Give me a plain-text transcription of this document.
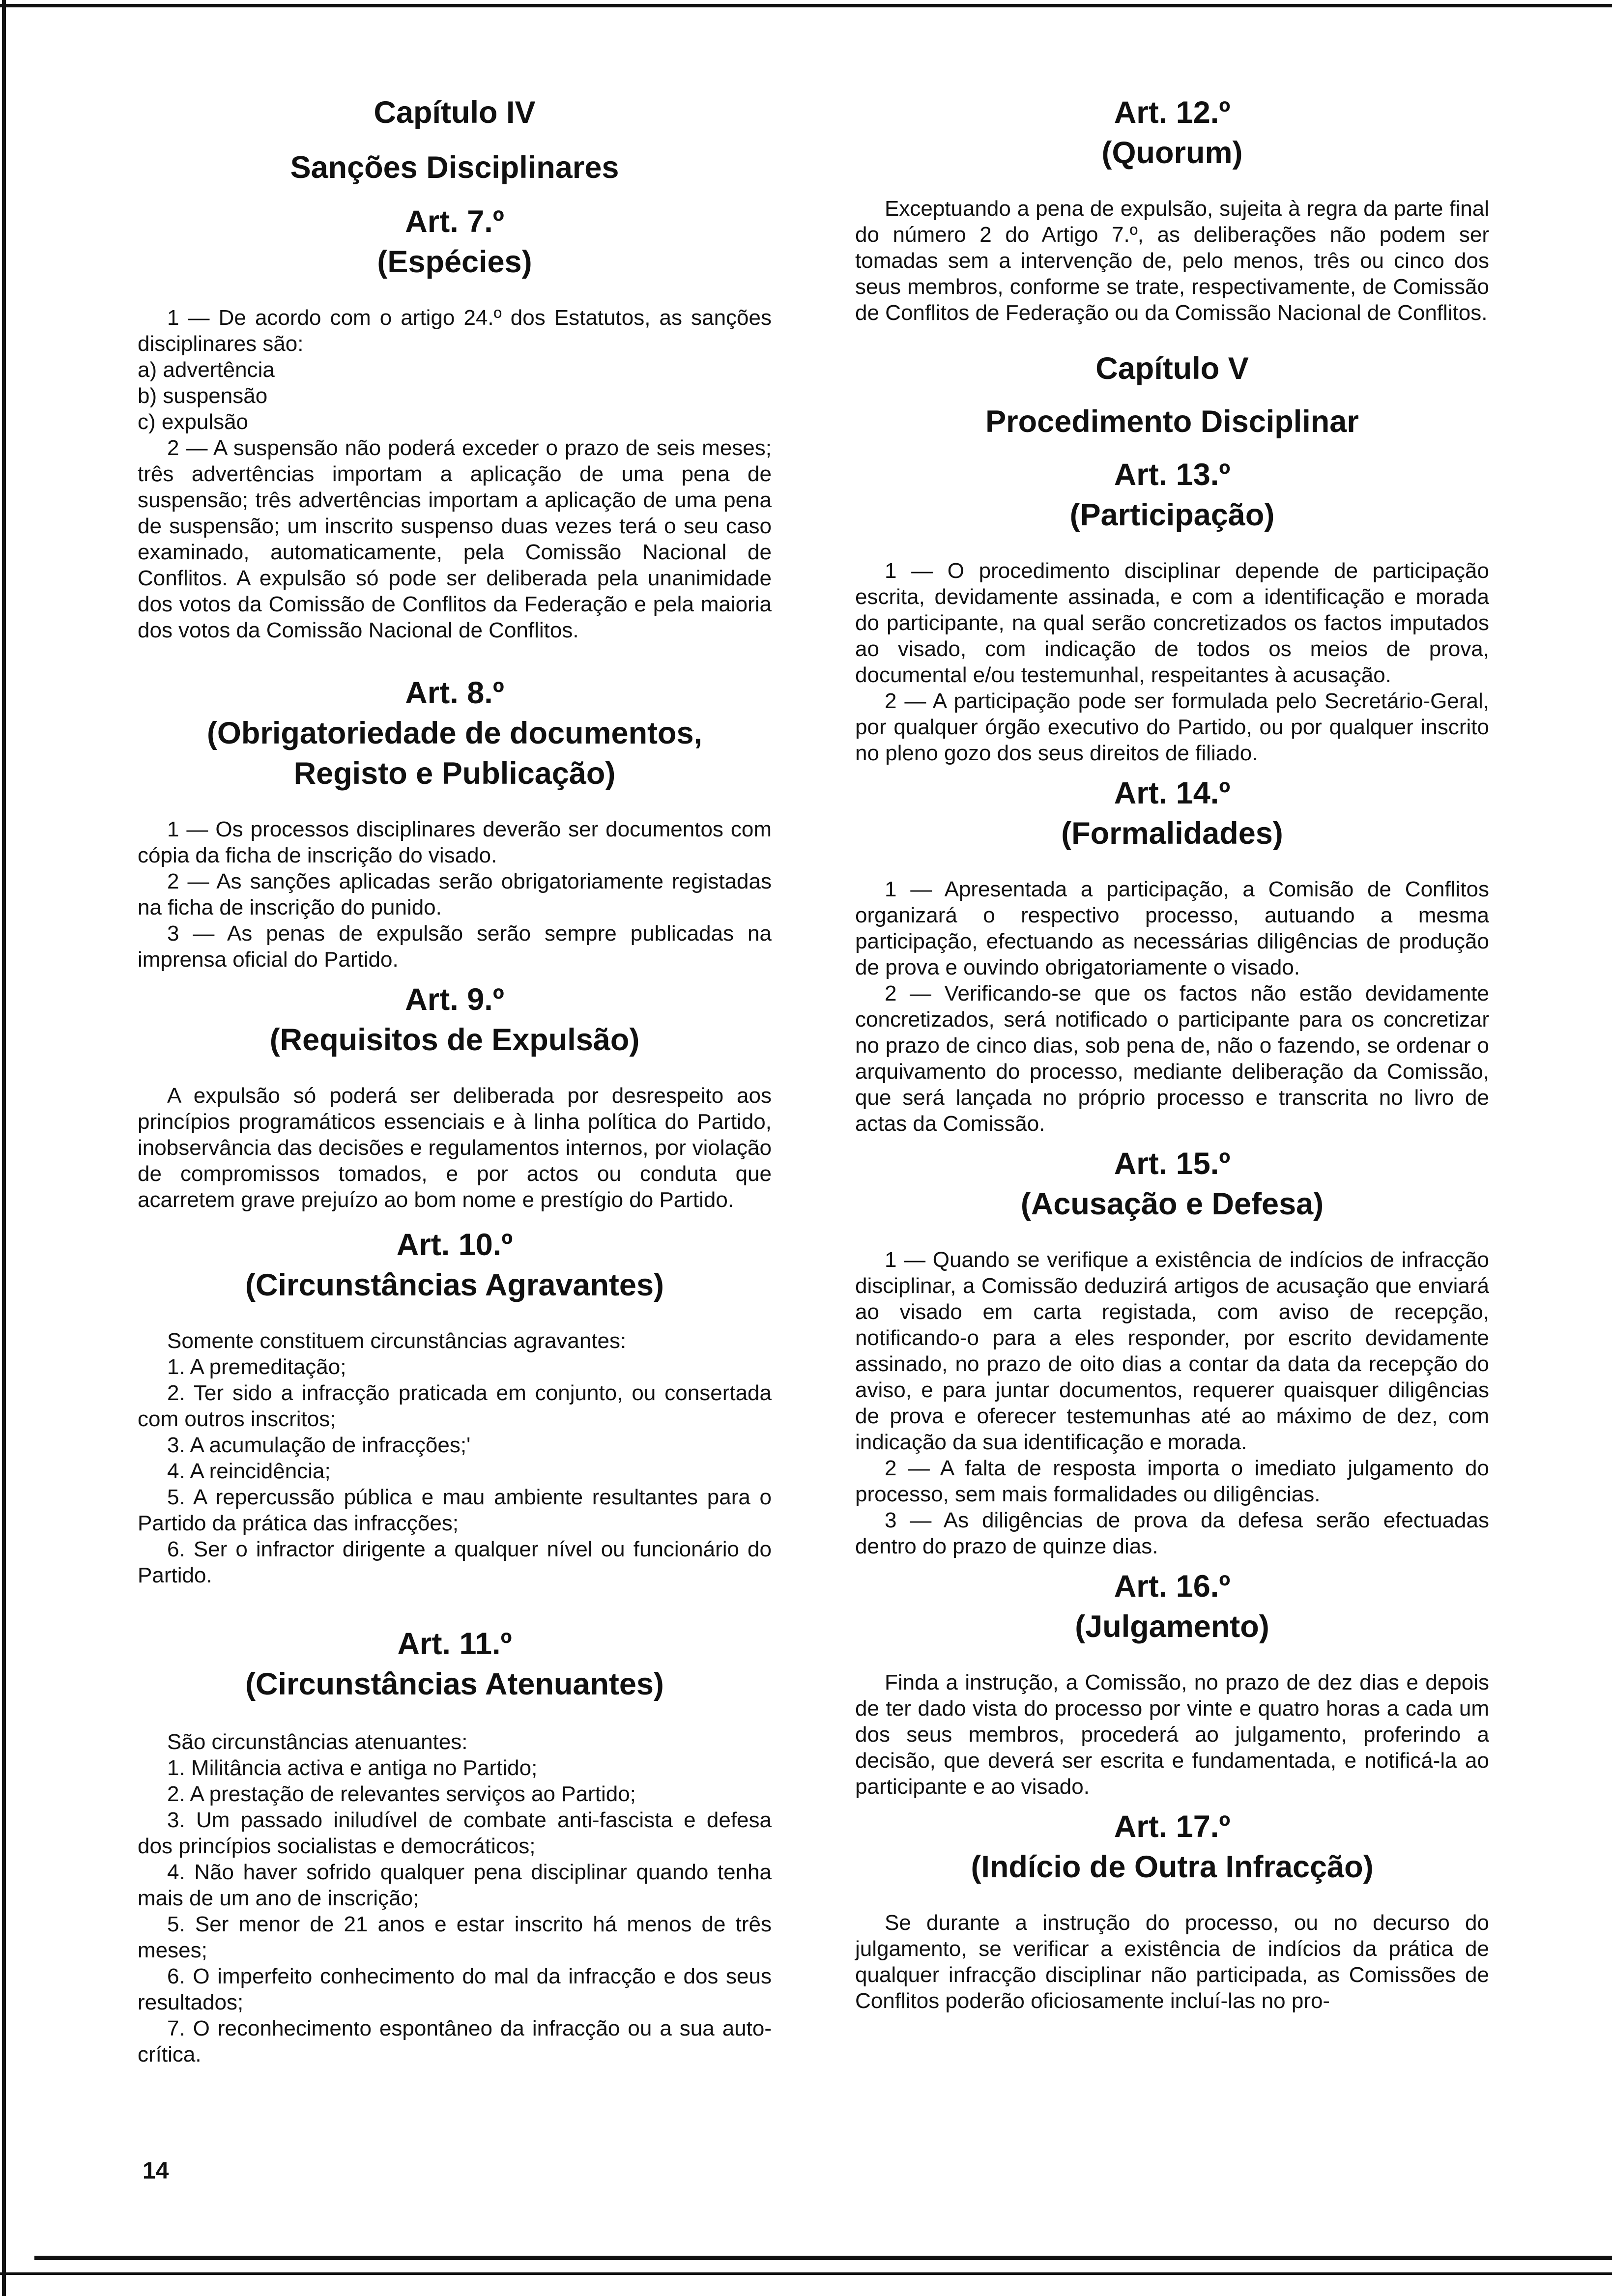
Capítulo IV
Sanções Disciplinares
Art. 7.º
(Espécies)

1 — De acordo com o artigo 24.º dos Estatutos, as sanções disciplinares são:

a) advertência

b) suspensão

c) expulsão

2 — A suspensão não poderá exceder o prazo de seis meses; três advertências importam a aplicação de uma pena de suspensão; três advertências importam a aplicação de uma pena de suspensão; um inscrito suspenso duas vezes terá o seu caso examinado, automaticamente, pela Comissão Nacional de Conflitos. A expulsão só pode ser deliberada pela unanimidade dos votos da Comissão de Conflitos da Federação e pela maioria dos votos da Comissão Nacional de Conflitos.

Art. 8.º
(Obrigatoriedade de documentos,
Registo e Publicação)

1 — Os processos disciplinares deverão ser documentos com cópia da ficha de inscrição do visado.

2 — As sanções aplicadas serão obrigatoriamente registadas na ficha de inscrição do punido.

3 — As penas de expulsão serão sempre publicadas na imprensa oficial do Partido.

Art. 9.º
(Requisitos de Expulsão)

A expulsão só poderá ser deliberada por desrespeito aos princípios programáticos essenciais e à linha política do Partido, inobservância das decisões e regulamentos internos, por violação de compromissos tomados, e por actos ou conduta que acarretem grave prejuízo ao bom nome e prestígio do Partido.

Art. 10.º
(Circunstâncias Agravantes)

Somente constituem circunstâncias agravantes:

1. A premeditação;

2. Ter sido a infracção praticada em conjunto, ou consertada com outros inscritos;

3. A acumulação de infracções;'

4. A reincidência;

5. A repercussão pública e mau ambiente resultantes para o Partido da prática das infracções;

6. Ser o infractor dirigente a qualquer nível ou funcionário do Partido.

Art. 11.º
(Circunstâncias Atenuantes)

São circunstâncias atenuantes:

1. Militância activa e antiga no Partido;

2. A prestação de relevantes serviços ao Partido;

3. Um passado iniludível de combate anti-fascista e defesa dos princípios socialistas e democráticos;

4. Não haver sofrido qualquer pena disciplinar quando tenha mais de um ano de inscrição;

5. Ser menor de 21 anos e estar inscrito há menos de três meses;

6. O imperfeito conhecimento do mal da infracção e dos seus resultados;

7. O reconhecimento espontâneo da infracção ou a sua auto-crítica.

Art. 12.º
(Quorum)

Exceptuando a pena de expulsão, sujeita à regra da parte final do número 2 do Artigo 7.º, as deliberações não podem ser tomadas sem a intervenção de, pelo menos, três ou cinco dos seus membros, conforme se trate, respectivamente, de Comissão de Conflitos de Federação ou da Comissão Nacional de Conflitos.

Capítulo V
Procedimento Disciplinar
Art. 13.º
(Participação)

1 — O procedimento disciplinar depende de participação escrita, devidamente assinada, e com a identificação e morada do participante, na qual serão concretizados os factos imputados ao visado, com indicação de todos os meios de prova, documental e/ou testemunhal, respeitantes à acusação.

2 — A participação pode ser formulada pelo Secretário-Geral, por qualquer órgão executivo do Partido, ou por qualquer inscrito no pleno gozo dos seus direitos de filiado.

Art. 14.º
(Formalidades)

1 — Apresentada a participação, a Comisão de Conflitos organizará o respectivo processo, autuando a mesma participação, efectuando as necessárias diligências de produção de prova e ouvindo obrigatoriamente o visado.

2 — Verificando-se que os factos não estão devidamente concretizados, será notificado o participante para os concretizar no prazo de cinco dias, sob pena de, não o fazendo, se ordenar o arquivamento do processo, mediante deliberação da Comissão, que será lançada no próprio processo e transcrita no livro de actas da Comissão.

Art. 15.º
(Acusação e Defesa)

1 — Quando se verifique a existência de indícios de infracção disciplinar, a Comissão deduzirá artigos de acusação que enviará ao visado em carta registada, com aviso de recepção, notificando-o para a eles responder, por escrito devidamente assinado, no prazo de oito dias a contar da data da recepção do aviso, e para juntar documentos, requerer quaisquer diligências de prova e oferecer testemunhas até ao máximo de dez, com indicação da sua identificação e morada.

2 — A falta de resposta importa o imediato julgamento do processo, sem mais formalidades ou diligências.

3 — As diligências de prova da defesa serão efectuadas dentro do prazo de quinze dias.

Art. 16.º
(Julgamento)

Finda a instrução, a Comissão, no prazo de dez dias e depois de ter dado vista do processo por vinte e quatro horas a cada um dos seus membros, procederá ao julgamento, proferindo a decisão, que deverá ser escrita e fundamentada, e notificá-la ao participante e ao visado.

Art. 17.º
(Indício de Outra Infracção)

Se durante a instrução do processo, ou no decurso do julgamento, se verificar a existência de indícios da prática de qualquer infracção disciplinar não participada, as Comissões de Conflitos poderão oficiosamente incluí-las no pro-

14
